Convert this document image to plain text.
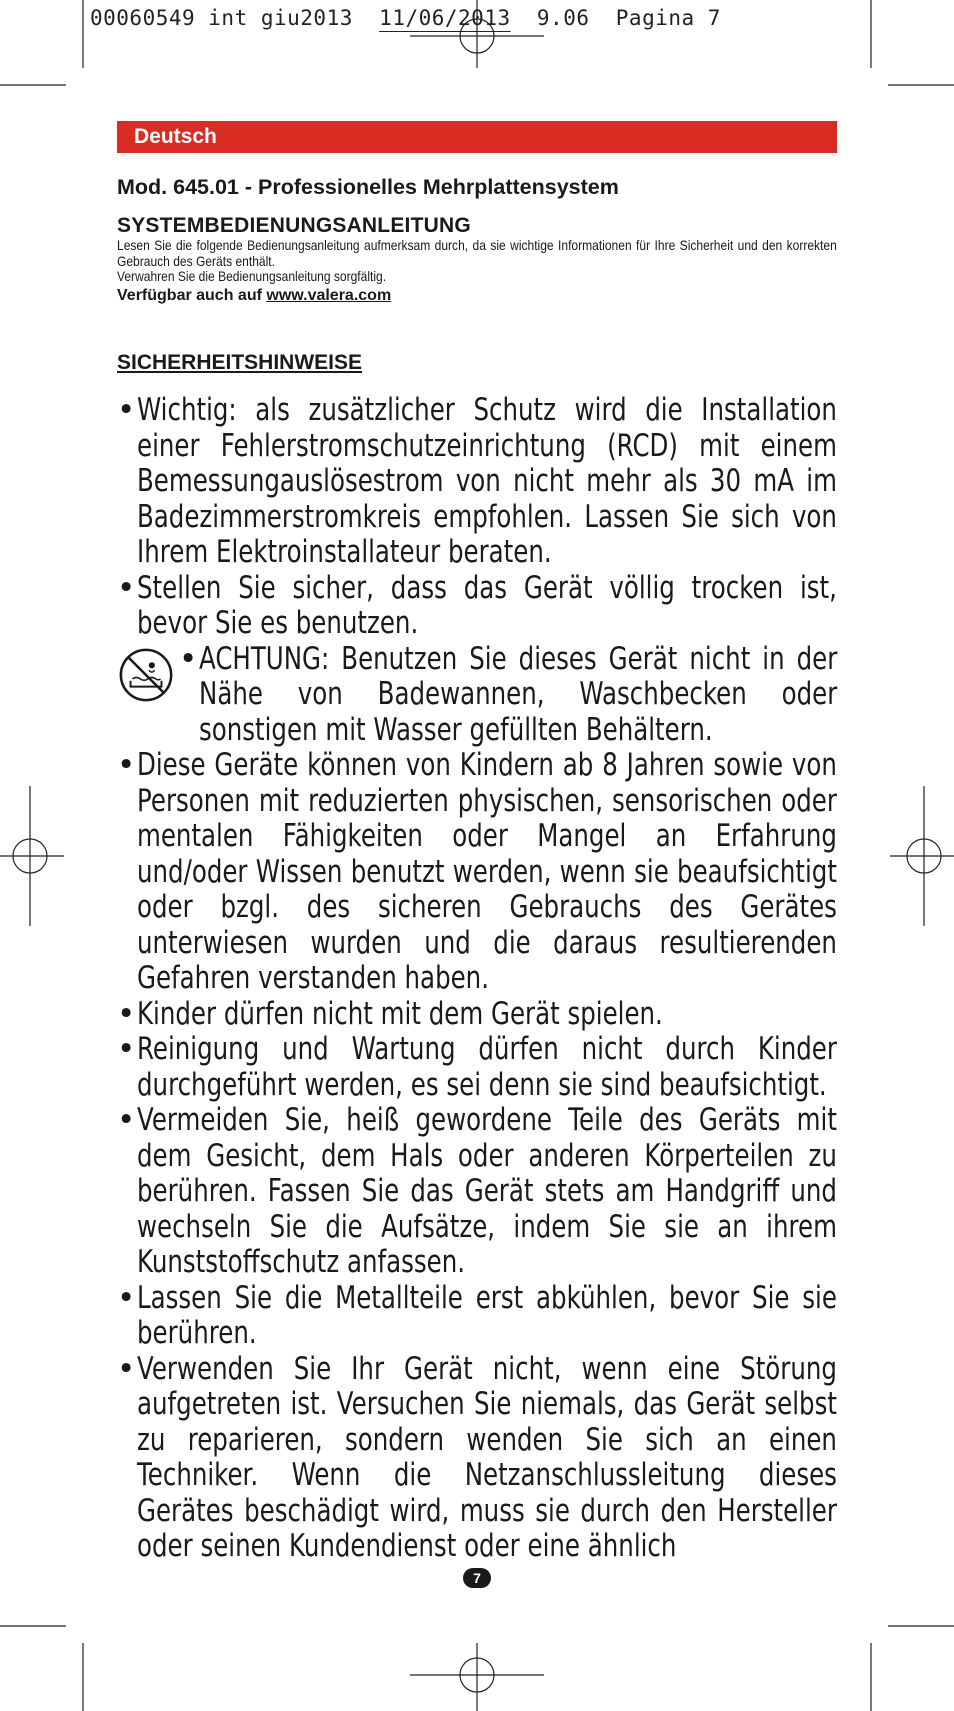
00060549 int giu2013 11/06/2013 9.06 Pagina 7
Deutsch
Mod. 645.01 - Professionelles Mehrplattensystem
SYSTEMBEDIENUNGSANLEITUNG

Lesen Sie die folgende Bedienungsanleitung aufmerksam durch, da sie wichtige Informationen für Ihre Sicherheit und den korrekten Gebrauch des Geräts enthält.

Verwahren Sie die Bedienungsanleitung sorgfältig.

Verfügbar auch auf www.valera.com
SICHERHEITSHINWEISE
• Wichtig: als zusätzlicher Schutz wird die Installation einer Fehlerstromschutzeinrichtung (RCD) mit einem Bemessungauslösestrom von nicht mehr als 30 mA im Badezimmerstromkreis empfohlen. Lassen Sie sich von Ihrem Elektroinstallateur beraten.
• Stellen Sie sicher, dass das Gerät völlig trocken ist, bevor Sie es benutzen.
• ACHTUNG: Benutzen Sie dieses Gerät nicht in der Nähe von Badewannen, Waschbecken oder sonstigen mit Wasser gefüllten Behältern.
• Diese Geräte können von Kindern ab 8 Jahren sowie von Personen mit reduzierten physischen, sensorischen oder mentalen Fähigkeiten oder Mangel an Erfahrung und/oder Wissen benutzt werden, wenn sie beaufsichtigt oder bzgl. des sicheren Gebrauchs des Gerätes unterwiesen wurden und die daraus resultierenden Gefahren verstanden haben.
• Kinder dürfen nicht mit dem Gerät spielen.
• Reinigung und Wartung dürfen nicht durch Kinder durchgeführt werden, es sei denn sie sind beaufsichtigt.
• Vermeiden Sie, heiß gewordene Teile des Geräts mit dem Gesicht, dem Hals oder anderen Körperteilen zu berühren. Fassen Sie das Gerät stets am Handgriff und wechseln Sie die Aufsätze, indem Sie sie an ihrem Kunststoffschutz anfassen.
• Lassen Sie die Metallteile erst abkühlen, bevor Sie sie berühren.
• Verwenden Sie Ihr Gerät nicht, wenn eine Störung aufgetreten ist. Versuchen Sie niemals, das Gerät selbst zu reparieren, sondern wenden Sie sich an einen Techniker. Wenn die Netzanschlussleitung dieses Gerätes beschädigt wird, muss sie durch den Hersteller oder seinen Kundendienst oder eine ähnlich
7
